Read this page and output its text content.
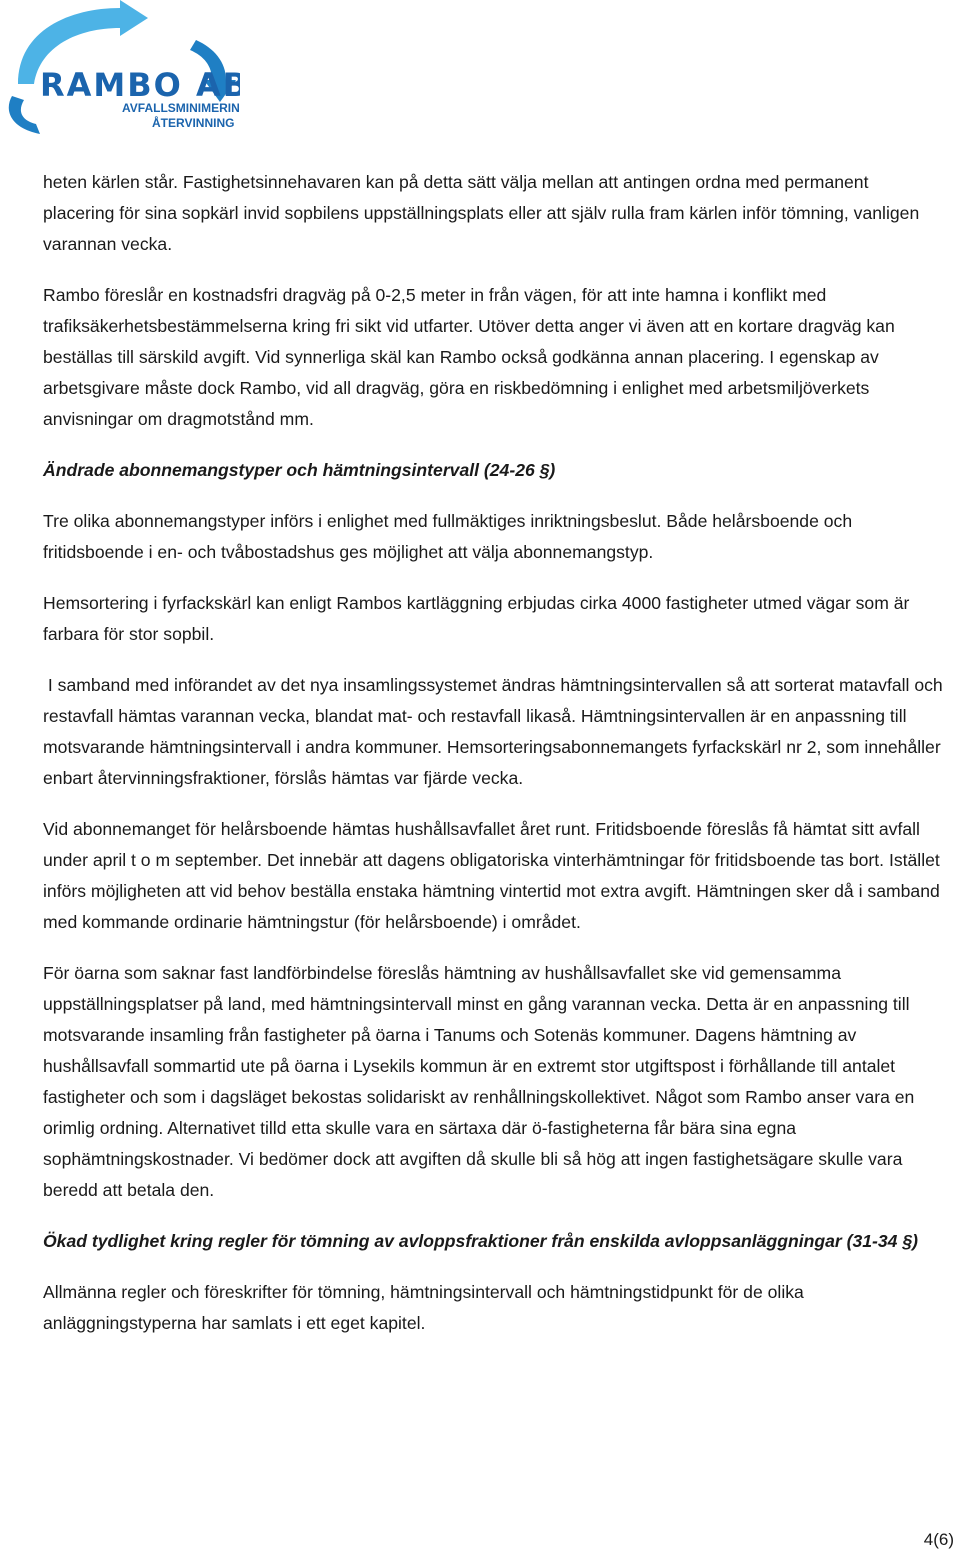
RAMBO AB
AVFALLSMINIMERING
ÅTERVINNING

heten kärlen står. Fastighetsinnehavaren kan på detta sätt välja mellan att antingen ordna med permanent placering för sina sopkärl invid sopbilens uppställningsplats eller att själv rulla fram kärlen inför tömning, vanligen varannan vecka.

Rambo föreslår en kostnadsfri dragväg på 0-2,5 meter in från vägen, för att inte hamna i konflikt med trafiksäkerhetsbestämmelserna kring fri sikt vid utfarter. Utöver detta anger vi även att en kortare dragväg kan beställas till särskild avgift. Vid synnerliga skäl kan Rambo också godkänna annan placering. I egenskap av arbetsgivare måste dock Rambo, vid all dragväg, göra en riskbedömning i enlighet med arbetsmiljöverkets anvisningar om dragmotstånd mm.

Ändrade abonnemangstyper och hämtningsintervall (24-26 §)

Tre olika abonnemangstyper införs i enlighet med fullmäktiges inriktningsbeslut. Både helårsboende och fritidsboende i en- och tvåbostadshus ges möjlighet att välja abonnemangstyp.

Hemsortering i fyrfackskärl kan enligt Rambos kartläggning erbjudas cirka 4000 fastigheter utmed vägar som är farbara för stor sopbil.

I samband med införandet av det nya insamlingssystemet ändras hämtningsintervallen så att sorterat matavfall och restavfall hämtas varannan vecka, blandat mat- och restavfall likaså. Hämtningsintervallen är en anpassning till motsvarande hämtningsintervall i andra kommuner. Hemsorteringsabonnemangets fyrfackskärl nr 2, som innehåller enbart återvinningsfraktioner, förslås hämtas var fjärde vecka.

Vid abonnemanget för helårsboende hämtas hushållsavfallet året runt. Fritidsboende föreslås få hämtat sitt avfall under april t o m september. Det innebär att dagens obligatoriska vinterhämtningar för fritidsboende tas bort. Istället införs möjligheten att vid behov beställa enstaka hämtning vintertid mot extra avgift. Hämtningen sker då i samband med kommande ordinarie hämtningstur (för helårsboende) i området.

För öarna som saknar fast landförbindelse föreslås hämtning av hushållsavfallet ske vid gemensamma uppställningsplatser på land, med hämtningsintervall minst en gång varannan vecka. Detta är en anpassning till motsvarande insamling från fastigheter på öarna i Tanums och Sotenäs kommuner. Dagens hämtning av hushållsavfall sommartid ute på öarna i Lysekils kommun är en extremt stor utgiftspost i förhållande till antalet fastigheter och som i dagsläget bekostas solidariskt av renhållningskollektivet. Något som Rambo anser vara en orimlig ordning. Alternativet tilld etta skulle vara en särtaxa där ö-fastigheterna får bära sina egna sophämtningskostnader. Vi bedömer dock att avgiften då skulle bli så hög att ingen fastighetsägare skulle vara beredd att betala den.

Ökad tydlighet kring regler för tömning av avloppsfraktioner från enskilda avloppsanläggningar (31-34 §)

Allmänna regler och föreskrifter för tömning, hämtningsintervall och hämtningstidpunkt för de olika anläggningstyperna har samlats i ett eget kapitel.

4(6)
